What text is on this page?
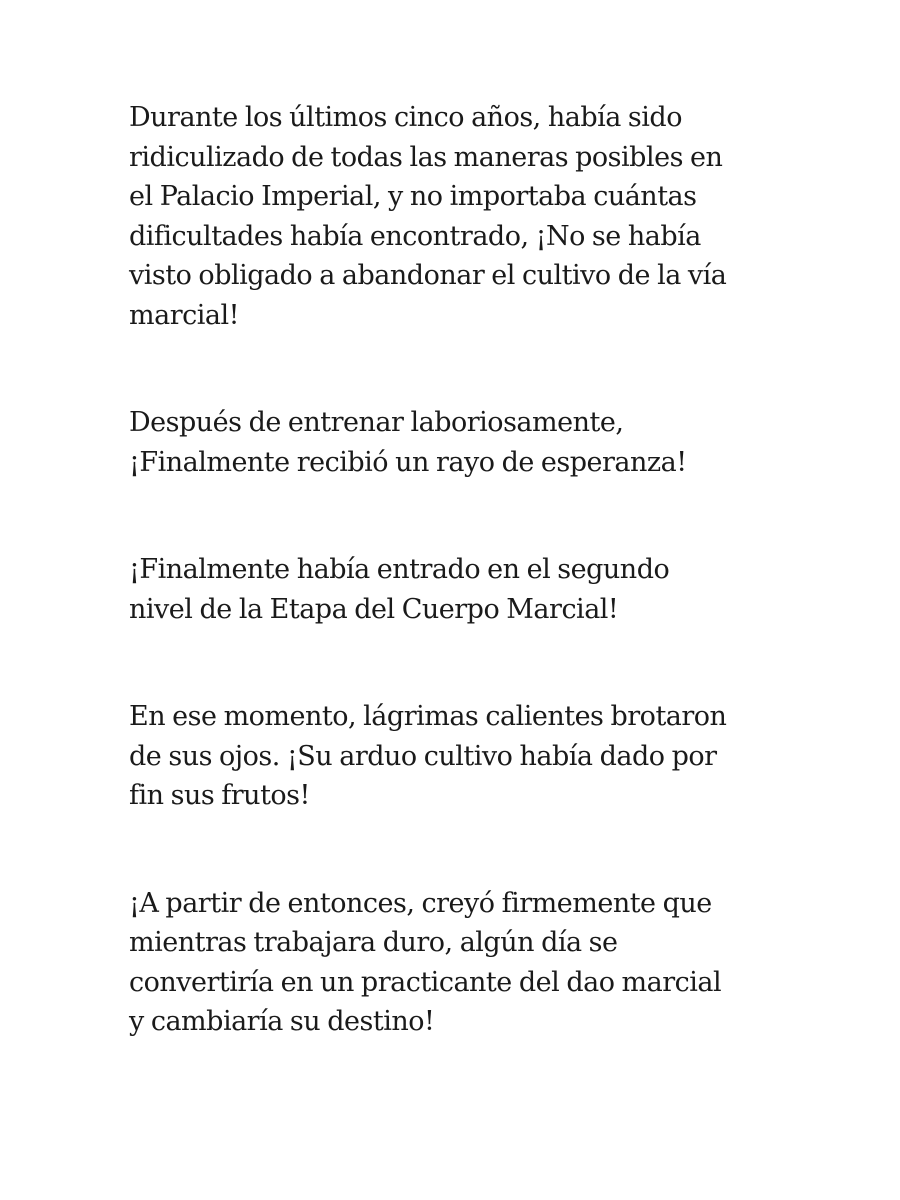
Durante los últimos cinco años, había sido
ridiculizado de todas las maneras posibles en
el Palacio Imperial, y no importaba cuántas
dificultades había encontrado, ¡No se había
visto obligado a abandonar el cultivo de la vía
marcial!

Después de entrenar laboriosamente,
¡Finalmente recibió un rayo de esperanza!

¡Finalmente había entrado en el segundo
nivel de la Etapa del Cuerpo Marcial!

En ese momento, lágrimas calientes brotaron
de sus ojos. ¡Su arduo cultivo había dado por
fin sus frutos!

¡A partir de entonces, creyó firmemente que
mientras trabajara duro, algún día se
convertiría en un practicante del dao marcial
y cambiaría su destino!
